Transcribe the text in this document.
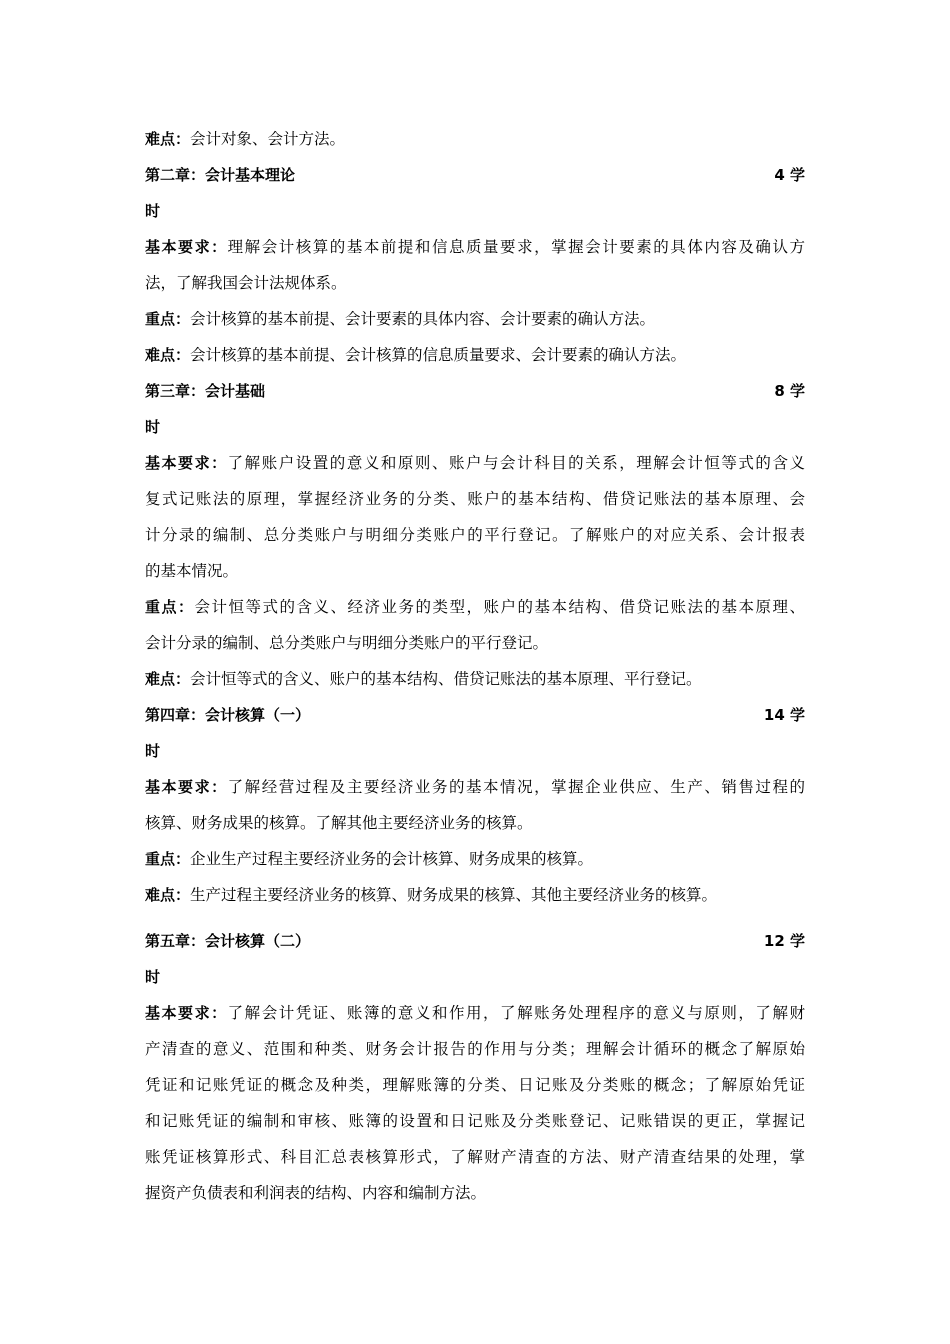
难点：会计对象、会计方法。
第二章：会计基本理论	4 学
时
基本要求：理解会计核算的基本前提和信息质量要求，掌握会计要素的具体内容及确认方
法，了解我国会计法规体系。
重点：会计核算的基本前提、会计要素的具体内容、会计要素的确认方法。
难点：会计核算的基本前提、会计核算的信息质量要求、会计要素的确认方法。
第三章：会计基础	8 学
时
基本要求：了解账户设置的意义和原则、账户与会计科目的关系，理解会计恒等式的含义
复式记账法的原理，掌握经济业务的分类、账户的基本结构、借贷记账法的基本原理、会
计分录的编制、总分类账户与明细分类账户的平行登记。了解账户的对应关系、会计报表
的基本情况。
重点：会计恒等式的含义、经济业务的类型，账户的基本结构、借贷记账法的基本原理、
会计分录的编制、总分类账户与明细分类账户的平行登记。
难点：会计恒等式的含义、账户的基本结构、借贷记账法的基本原理、平行登记。
第四章：会计核算（一）	14 学
时
基本要求：了解经营过程及主要经济业务的基本情况，掌握企业供应、生产、销售过程的
核算、财务成果的核算。了解其他主要经济业务的核算。
重点：企业生产过程主要经济业务的会计核算、财务成果的核算。
难点：生产过程主要经济业务的核算、财务成果的核算、其他主要经济业务的核算。
第五章：会计核算（二）	12 学
时
基本要求：了解会计凭证、账簿的意义和作用，了解账务处理程序的意义与原则，了解财
产清查的意义、范围和种类、财务会计报告的作用与分类；理解会计循环的概念了解原始
凭证和记账凭证的概念及种类，理解账簿的分类、日记账及分类账的概念；了解原始凭证
和记账凭证的编制和审核、账簿的设置和日记账及分类账登记、记账错误的更正，掌握记
账凭证核算形式、科目汇总表核算形式，了解财产清查的方法、财产清查结果的处理，掌
握资产负债表和利润表的结构、内容和编制方法。
